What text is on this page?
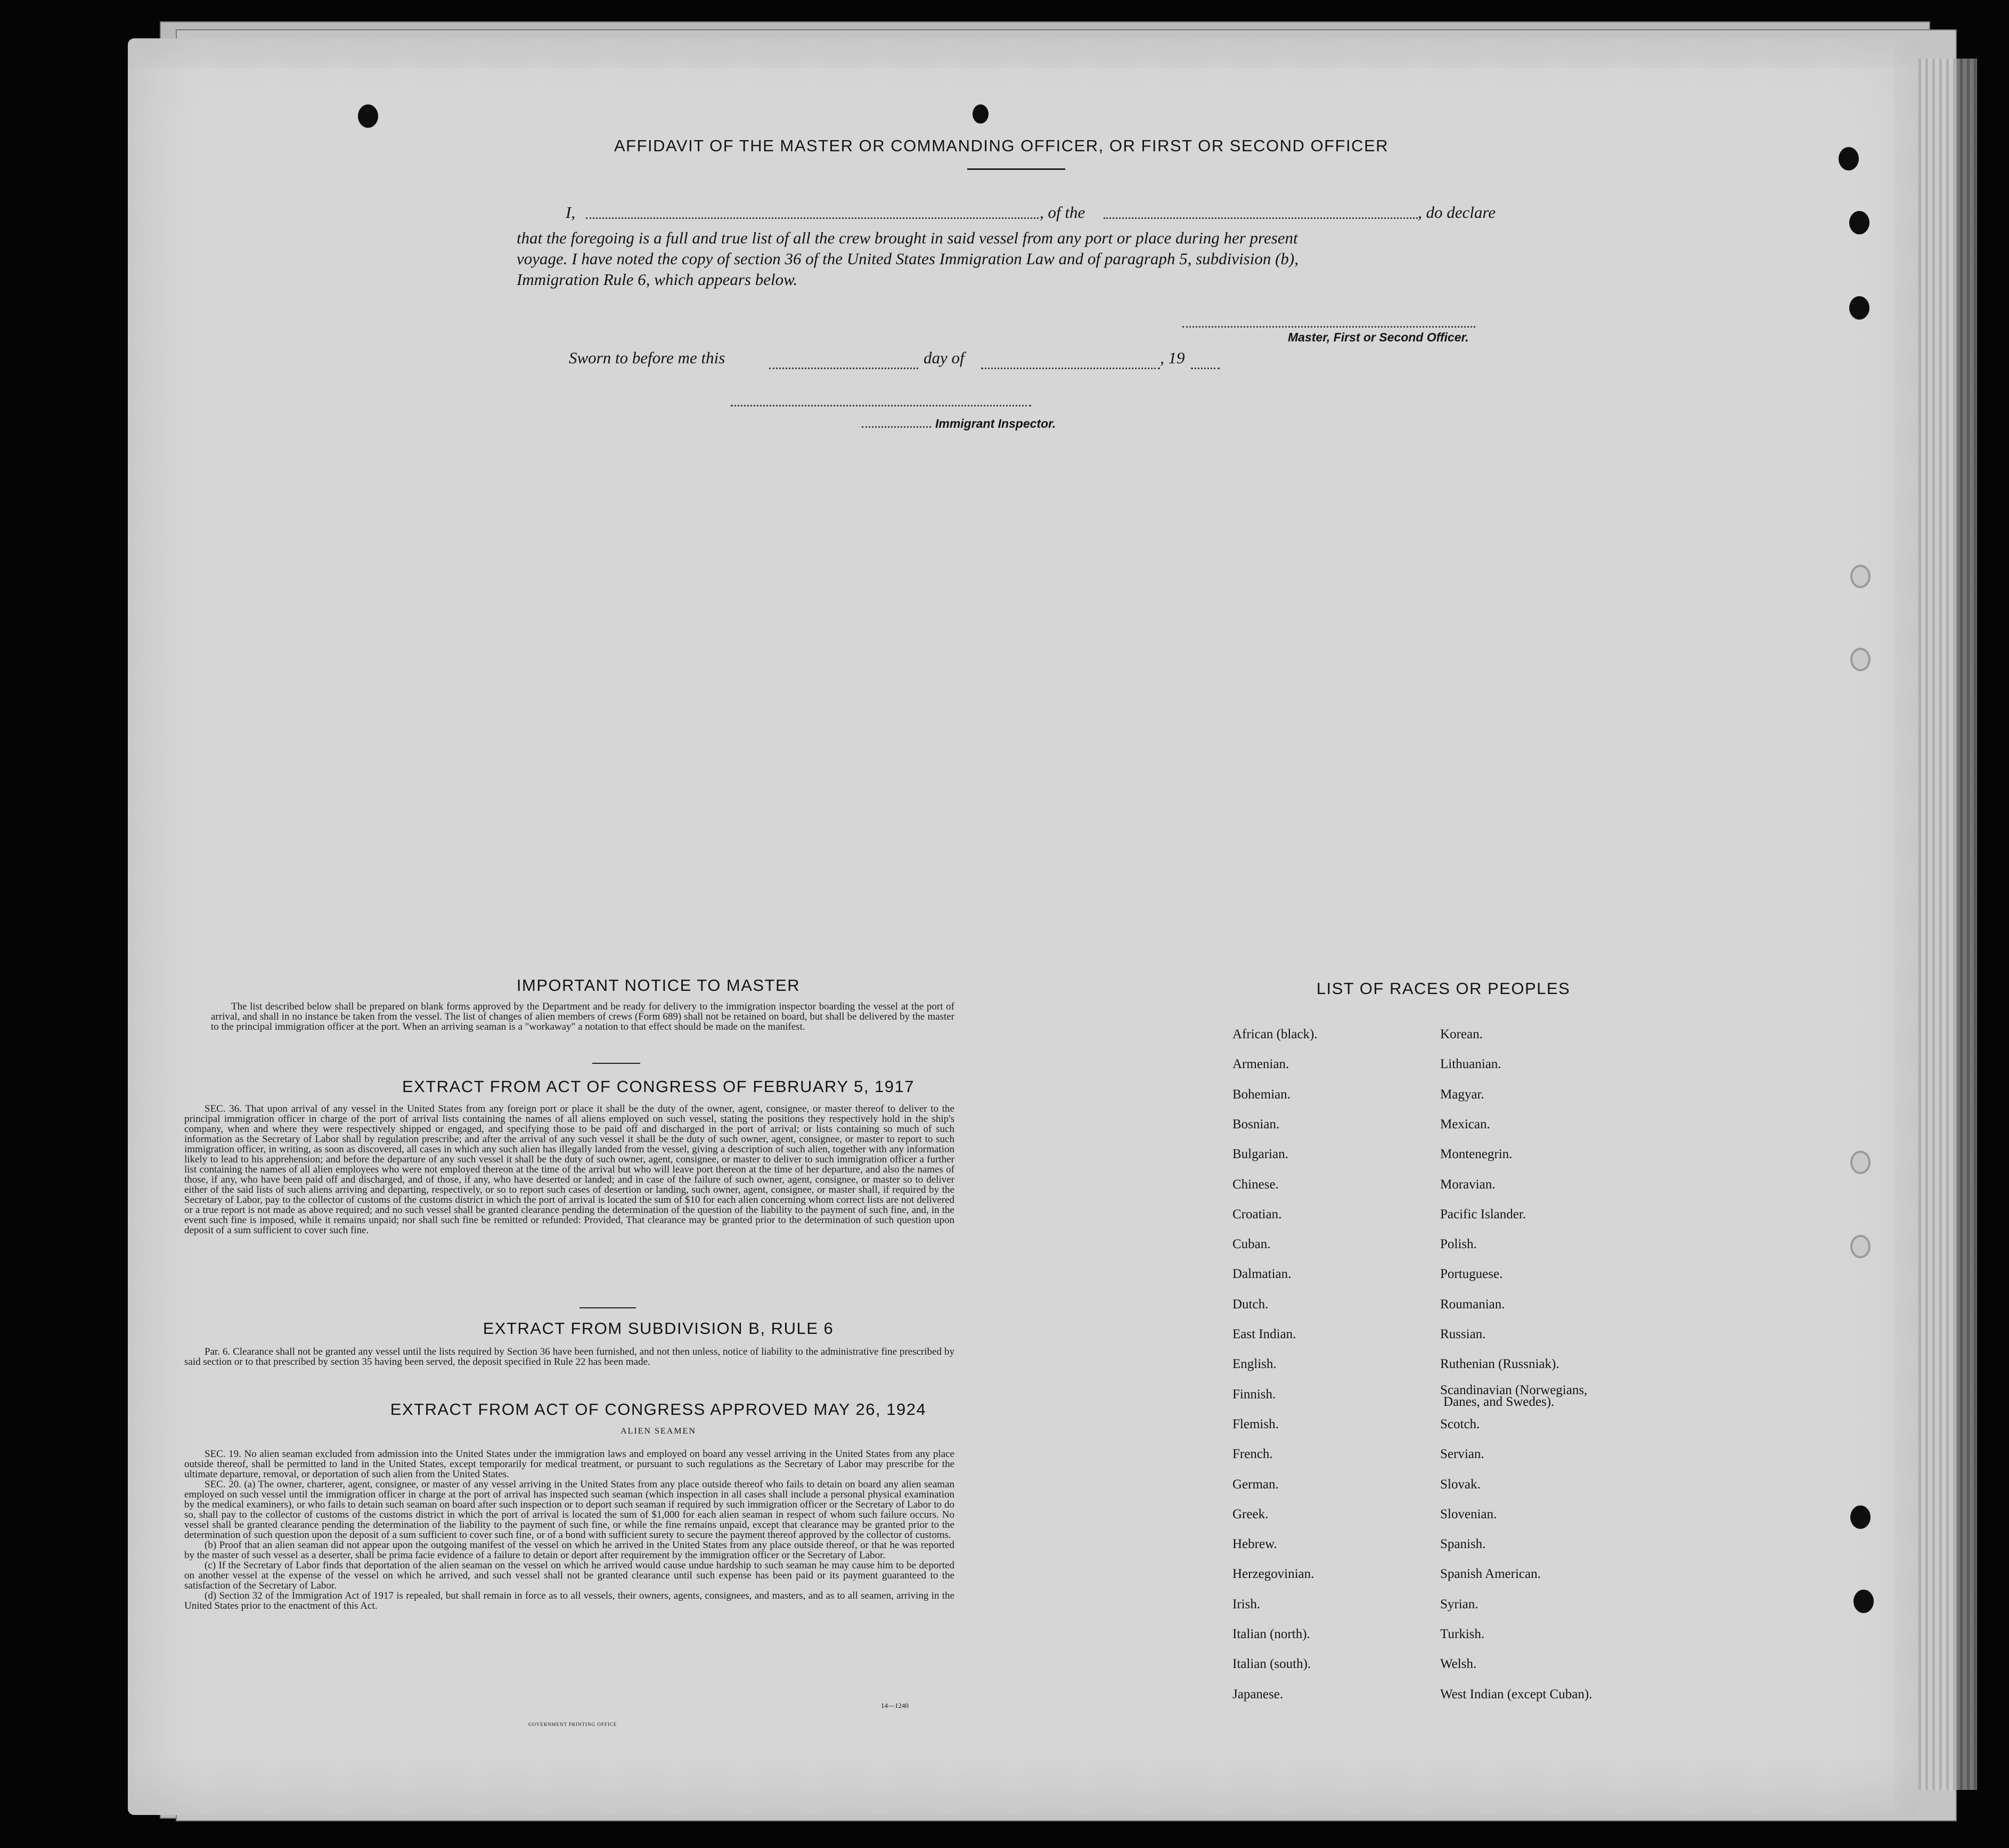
AFFIDAVIT OF THE MASTER OR COMMANDING OFFICER, OR FIRST OR SECOND OFFICER
I,	, of the	, do declare

that the foregoing is a full and true list of all the crew brought in said vessel from any port or place during her present

voyage. I have noted the copy of section 36 of the United States Immigration Law and of paragraph 5, subdivision (b),

Immigration Rule 6, which appears below.

Master, First or Second Officer.
Sworn to before me this	day of	, 19
Immigrant Inspector.
IMPORTANT NOTICE TO MASTER
The list described below shall be prepared on blank forms approved by the Department and be ready for delivery to the immigration inspector boarding the vessel at the port of arrival, and shall in no instance be taken from the vessel. The list of changes of alien members of crews (Form 689) shall not be retained on board, but shall be delivered by the master to the principal immigration officer at the port. When an arriving seaman is a "workaway" a notation to that effect should be made on the manifest.
EXTRACT FROM ACT OF CONGRESS OF FEBRUARY 5, 1917
SEC. 36. That upon arrival of any vessel in the United States from any foreign port or place it shall be the duty of the owner, agent, consignee, or master thereof to deliver to the principal immigration officer in charge of the port of arrival lists containing the names of all aliens employed on such vessel, stating the positions they respectively hold in the ship's company, when and where they were respectively shipped or engaged, and specifying those to be paid off and discharged in the port of arrival; or lists containing so much of such information as the Secretary of Labor shall by regulation prescribe; and after the arrival of any such vessel it shall be the duty of such owner, agent, consignee, or master to report to such immigration officer, in writing, as soon as discovered, all cases in which any such alien has illegally landed from the vessel, giving a description of such alien, together with any information likely to lead to his apprehension; and before the departure of any such vessel it shall be the duty of such owner, agent, consignee, or master to deliver to such immigration officer a further list containing the names of all alien employees who were not employed thereon at the time of the arrival but who will leave port thereon at the time of her departure, and also the names of those, if any, who have been paid off and discharged, and of those, if any, who have deserted or landed; and in case of the failure of such owner, agent, consignee, or master so to deliver either of the said lists of such aliens arriving and departing, respectively, or so to report such cases of desertion or landing, such owner, agent, consignee, or master shall, if required by the Secretary of Labor, pay to the collector of customs of the customs district in which the port of arrival is located the sum of $10 for each alien concerning whom correct lists are not delivered or a true report is not made as above required; and no such vessel shall be granted clearance pending the determination of the question of the liability to the payment of such fine, and, in the event such fine is imposed, while it remains unpaid; nor shall such fine be remitted or refunded: Provided, That clearance may be granted prior to the determination of such question upon deposit of a sum sufficient to cover such fine.
EXTRACT FROM SUBDIVISION B, RULE 6
Par. 6. Clearance shall not be granted any vessel until the lists required by Section 36 have been furnished, and not then unless, notice of liability to the administrative fine prescribed by said section or to that prescribed by section 35 having been served, the deposit specified in Rule 22 has been made.
EXTRACT FROM ACT OF CONGRESS APPROVED MAY 26, 1924
ALIEN SEAMEN

SEC. 19. No alien seaman excluded from admission into the United States under the immigration laws and employed on board any vessel arriving in the United States from any place outside thereof, shall be permitted to land in the United States, except temporarily for medical treatment, or pursuant to such regulations as the Secretary of Labor may prescribe for the ultimate departure, removal, or deportation of such alien from the United States.

SEC. 20. (a) The owner, charterer, agent, consignee, or master of any vessel arriving in the United States from any place outside thereof who fails to detain on board any alien seaman employed on such vessel until the immigration officer in charge at the port of arrival has inspected such seaman (which inspection in all cases shall include a personal physical examination by the medical examiners), or who fails to detain such seaman on board after such inspection or to deport such seaman if required by such immigration officer or the Secretary of Labor to do so, shall pay to the collector of customs of the customs district in which the port of arrival is located the sum of $1,000 for each alien seaman in respect of whom such failure occurs. No vessel shall be granted clearance pending the determination of the liability to the payment of such fine, or while the fine remains unpaid, except that clearance may be granted prior to the determination of such question upon the deposit of a sum sufficient to cover such fine, or of a bond with sufficient surety to secure the payment thereof approved by the collector of customs.

(b) Proof that an alien seaman did not appear upon the outgoing manifest of the vessel on which he arrived in the United States from any place outside thereof, or that he was reported by the master of such vessel as a deserter, shall be prima facie evidence of a failure to detain or deport after requirement by the immigration officer or the Secretary of Labor.

(c) If the Secretary of Labor finds that deportation of the alien seaman on the vessel on which he arrived would cause undue hardship to such seaman he may cause him to be deported on another vessel at the expense of the vessel on which he arrived, and such vessel shall not be granted clearance until such expense has been paid or its payment guaranteed to the satisfaction of the Secretary of Labor.

(d) Section 32 of the Immigration Act of 1917 is repealed, but shall remain in force as to all vessels, their owners, agents, consignees, and masters, and as to all seamen, arriving in the United States prior to the enactment of this Act.

14—1240
GOVERNMENT PRINTING OFFICE
LIST OF RACES OR PEOPLES
African (black).
Armenian.
Bohemian.
Bosnian.
Bulgarian.
Chinese.
Croatian.
Cuban.
Dalmatian.
Dutch.
East Indian.
English.
Finnish.
Flemish.
French.
German.
Greek.
Hebrew.
Herzegovinian.
Irish.
Italian (north).
Italian (south).
Japanese.
Korean.
Lithuanian.
Magyar.
Mexican.
Montenegrin.
Moravian.
Pacific Islander.
Polish.
Portuguese.
Roumanian.
Russian.
Ruthenian (Russniak).
Scandinavian (Norwegians,
Scotch.
Servian.
Slovak.
Slovenian.
Spanish.
Spanish American.
Syrian.
Turkish.
Welsh.
West Indian (except Cuban).
Danes, and Swedes).
